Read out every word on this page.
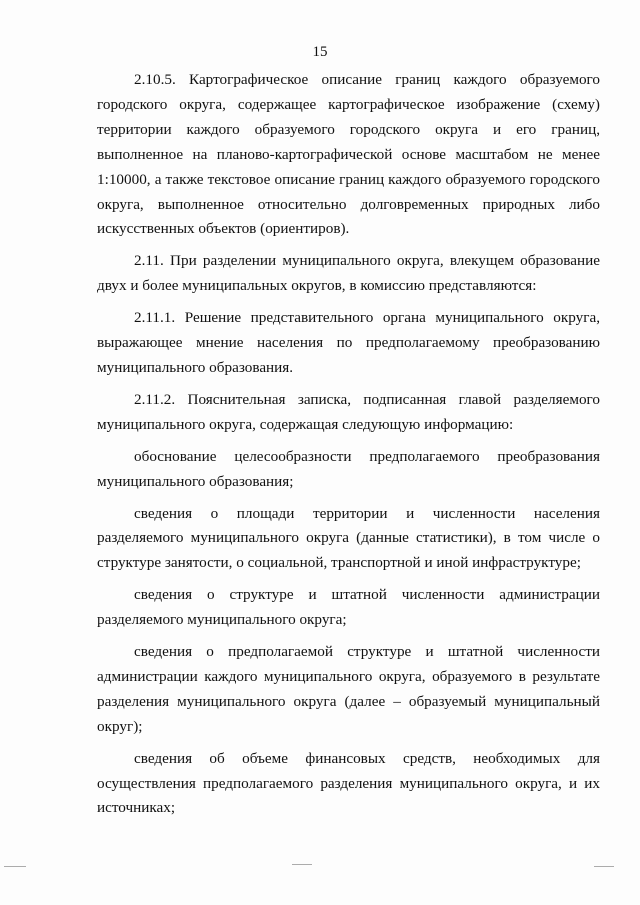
15

2.10.5. Картографическое описание границ каждого образуемого городского округа, содержащее картографическое изображение (схему) территории каждого образуемого городского округа и его границ, выполненное на планово-картографической основе масштабом не менее 1:10000, а также текстовое описание границ каждого образуемого городского округа, выполненное относительно долговременных природных либо искусственных объектов (ориентиров).

2.11. При разделении муниципального округа, влекущем образование двух и более муниципальных округов, в комиссию представляются:

2.11.1. Решение представительного органа муниципального округа, выражающее мнение населения по предполагаемому преобразованию муниципального образования.

2.11.2. Пояснительная записка, подписанная главой разделяемого муниципального округа, содержащая следующую информацию:

обоснование целесообразности предполагаемого преобразования муниципального образования;

сведения о площади территории и численности населения разделяемого муниципального округа (данные статистики), в том числе о структуре занятости, о социальной, транспортной и иной инфраструктуре;

сведения о структуре и штатной численности администрации разделяемого муниципального округа;

сведения о предполагаемой структуре и штатной численности администрации каждого муниципального округа, образуемого в результате разделения муниципального округа (далее – образуемый муниципальный округ);

сведения об объеме финансовых средств, необходимых для осуществления предполагаемого разделения муниципального округа, и их источниках;
